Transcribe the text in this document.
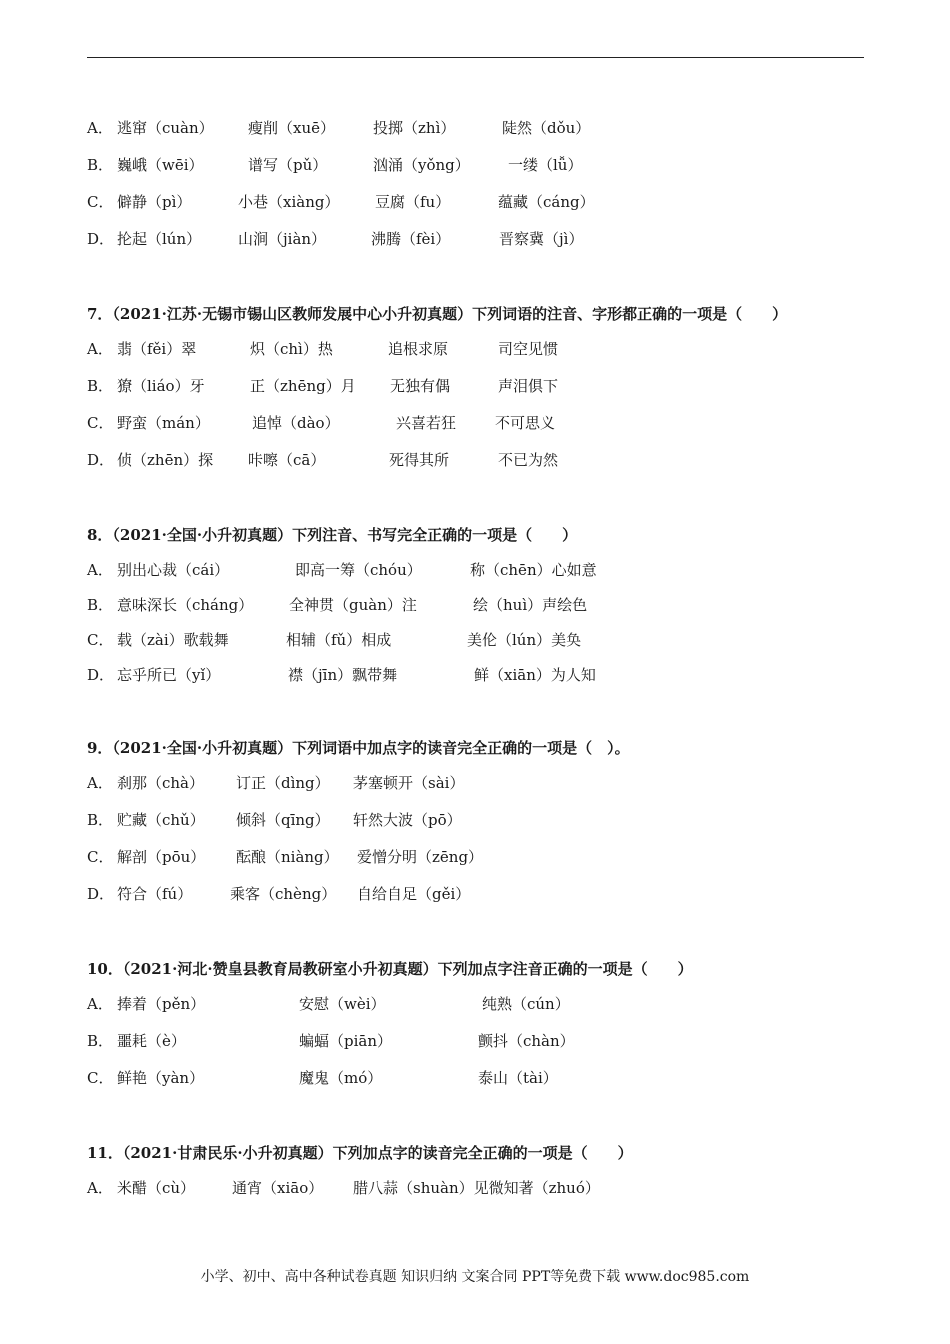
A． 逃窜（cuàn） 瘦削（xuē）	投掷（zhì）	陡然（dǒu）
B． 巍峨（wēi）	谱写（pǔ）	汹涌（yǒng）	一缕（lǚ）
C． 僻静（pì）	小巷（xiàng） 豆腐（fu）	蕴藏（cáng）
D． 抡起（lún） 山涧（jiàn）	沸腾（fèi）	晋察冀（jì）
7．（2021·江苏·无锡市锡山区教师发展中心小升初真题）下列词语的注音、字形都正确的一项是（　　）
A． 翡（fěi）翠	炽（chì）热	追根求原	司空见惯
B． 獠（liáo）牙	正（zhēng）月 无独有偶	声泪俱下
C． 野蛮（mán）	追悼（dào）	兴喜若狂	不可思义
D． 侦（zhēn）探 咔嚓（cā）	死得其所	不已为然
8．（2021·全国·小升初真题）下列注音、书写完全正确的一项是（　　）
A． 别出心裁（cái）	即高一筹（chóu）	称（chēn）心如意
B． 意味深长（cháng） 全神贯（guàn）注	绘（huì）声绘色
C． 载（zài）歌载舞	相辅（fǔ）相成	美伦（lún）美奂
D． 忘乎所已（yǐ）	襟（jīn）飘带舞	鲜（xiān）为人知
9．（2021·全国·小升初真题）下列词语中加点字的读音完全正确的一项是（　）。
A． 刹那（chà） 订正（dìng） 茅塞顿开（sài）
B． 贮藏（chǔ） 倾斜（qīng） 轩然大波（pō）
C． 解剖（pōu） 酝酿（niàng） 爱憎分明（zēng）
D． 符合（fú）	乘客（chèng） 自给自足（gěi）
10．（2021·河北·赞皇县教育局教研室小升初真题）下列加点字注音正确的一项是（　　）
A． 捧着（pěn）	安慰（wèi）	纯熟（cún）
B． 噩耗（è）	蝙蝠（piān）	颤抖（chàn）
C． 鲜艳（yàn）	魔鬼（mó）	泰山（tài）
11．（2021·甘肃民乐·小升初真题）下列加点字的读音完全正确的一项是（　　）
A． 米醋（cù） 通宵（xiāo） 腊八蒜（shuàn）见微知著（zhuó）
小学、初中、高中各种试卷真题 知识归纳 文案合同 PPT等免费下载 www.doc985.com
